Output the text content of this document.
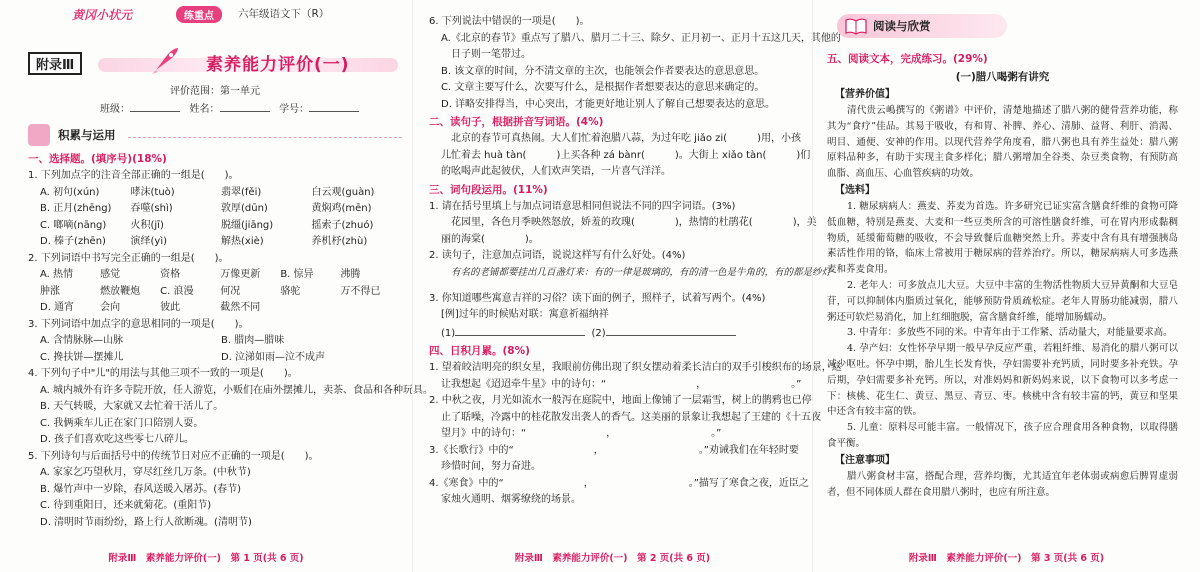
黄冈小状元	练重点	六年级语文下（R）
附录Ⅲ	素养能力评价(一)
评价范围：第一单元
班级：	姓名：	学号：
积累与运用
一、选择题。(填序号)(18%)
1. 下列加点字的注音全部正确的一组是(　　)。
A. 初句(xún)	哮沫(tuò)	翡翠(fěi)	白云观(guàn)
B. 正月(zhēng)	吞噬(shì)	敦厚(dūn)	黄焖鸡(mēn)
C. 啷嘀(nāng)	火积(jī)	脱缰(jiāng)	摇索子(zhuó)
D. 榛子(zhēn)	演绎(yì)	解热(xiè)	养机杼(zhù)
2. 下列词语中书写完全正确的一组是(　　)。
A. 热情	感觉	资格	万像更新	B. 惊异	沸腾
肿涨	燃放鞭炮	C. 浪漫	何况	骆驼	万不得已
D. 通宵	会向	彼此	截然不同
3. 下列词语中加点字的意思相同的一项是(　　)。
A. 含情脉脉—山脉	B. 腊肉—腊味
C. 搀扶饼—摆摊儿	D. 泣涕如雨—泣不成声
4. 下列句子中"儿"的用法与其他三项不一致的一项是(　　)。
A. 城内城外有许多寺院开放，任人游览，小贩们在庙外摆摊儿，卖茶、食品和各种玩具。
B. 天气转暖，大家就又去忙着干活儿了。
C. 我俩乘车儿正在家门口陪别人耍。
D. 孩子们喜欢吃这些零七八碎儿。
5. 下列诗句与后面括号中的传统节日对应不正确的一项是(　　)。
A. 家家乞巧望秋月，穿尽红丝几万条。(中秋节)
B. 爆竹声中一岁除，春风送暖入屠苏。(春节)
C. 待到重阳日，还来就菊花。(重阳节)
D. 清明时节雨纷纷，路上行人欲断魂。(清明节)
附录Ⅲ　素养能力评价(一)　第 1 页(共 6 页)
6. 下列说法中错误的一项是(　　)。
A.《北京的春节》重点写了腊八、腊月二十三、除夕、正月初一、正月十五这几天，其他的
日子则一笔带过。
B. 该文章的时间，分不清文章的主次，也能领会作者要表达的意思意思。
C. 文章主要写什么，次要写什么，是根据作者想要表达的意思来确定的。
D. 详略安排得当，中心突出，才能更好地让别人了解自己想要表达的意思。
二、读句子，根据拼音写词语。(4%)
北京的春节可真热闹。大人们忙着泡腊八蒜，为过年吃 jiǎo zi(　　　)用，小孩
儿忙着去 huà tàn(　　　)上买各种 zá bànr(　　　)。大街上 xiǎo tàn(　　　)们
的吆喝声此起彼伏，人们欢声笑语，一片喜气洋洋。
三、词句段运用。(11%)
1. 请在括号里填上与加点词语意思相同但说法不同的四字词语。(3%)
花园里，各色月季映然怒放，娇羞的玫瑰(　　　　)，热情的杜鹃花(　　　　)，美
丽的海棠(　　　　)。
2. 读句子，注意加点词语，说说这样写有什么好处。(4%)
有名的老铺都要挂出几百盏灯来：有的一律是玻璃的，有的清一色是牛角的，有的都是纱灯
3. 你知道哪些寓意吉祥的习俗？读下面的例子，照样子，试着写两个。(4%)
[例]过年的时候贴对联：寓意祈福纳祥
(1)	(2)
四、日积月累。(8%)
1. 望着皎洁明亮的织女星，我眼前仿佛出现了织女摆动着柔长洁白的双手引梭织布的场景，这
让我想起《迢迢牵牛星》中的诗句：“　　　　　　　　　，　　　　　　　　　。”
2. 中秋之夜，月光如流水一般泻在庭院中，地面上像铺了一层霜雪，树上的鹊鸦也已停
止了聒噪，冷露中的桂花散发出袭人的香气。这美丽的景象让我想起了王建的《十五夜
望月》中的诗句：“　　　　　　　　，　　　　　　　　　　。”
3.《长歌行》中的“　　　　　　　　，　　　　　　　　　　。”劝诫我们在年轻时要
珍惜时间，努力奋进。
4.《寒食》中的“　　　　　　　　，　　　　　　　　　　。”描写了寒食之夜，近臣之
家烛火通明、烟雾缭绕的场景。
附录Ⅲ　素养能力评价(一)　第 2 页(共 6 页)
阅读与欣赏
五、阅读文本，完成练习。(29%)
(一)腊八喝粥有讲究
【营养价值】
清代贵云嶋撰写的《粥谱》中评价，清楚地描述了腊八粥的健骨营养功能，称其为“食疗”佳品。其易于吸收，有和胃、补脾、养心、清肺、益肾、利肝、消渴、明目、通便、安神的作用。以现代营养学角度看，腊八粥也具有养生益处：腊八粥原料品种多，有助于实现主食多样化；腊八粥增加全谷类、杂豆类食物，有预防高血脂、高血压、心血管疾病的功效。
【选料】
1. 糖尿病病人：燕麦、荞麦为首选。许多研究已证实富含膳食纤维的食物可降低血糖，特别是燕麦、大麦和一些豆类所含的可溶性膳食纤维，可在胃内形成黏稠物质，延缓葡萄糖的吸收，不会导致餐后血糖突然上升。荞麦中含有具有增强胰岛素活性作用的铬，临床上常被用于糖尿病的营养治疗。所以，糖尿病病人可多选燕麦和荞麦食用。
2. 老年人：可多放点儿大豆。大豆中丰富的生物活性物质大豆异黄酮和大豆皂苷，可以抑制体内脂质过氧化，能够预防骨质疏松症。老年人胃肠功能减弱，腊八粥还可软烂易消化，加上红细胞脱，富含膳食纤维，能增加肠蠕动。
3. 中青年：多放些不同的米。中青年由于工作紧、活动量大，对能量要求高。
4. 孕产妇：女性怀孕早期一般早孕反应严重，若粗纤维、易消化的腊八粥可以减少呕吐。怀孕中期，胎儿生长发育快，孕妇需要补充钙质，同时要多补充铁。孕后期，孕妇需要多补充钙。所以，对准妈妈和新妈妈来说，以下食物可以多考虑一下：核桃、花生仁、黄豆、黑豆、青豆、枣。核桃中含有较丰富的钙，黄豆和坚果中还含有较丰富的铁。
5. 儿童：原料尽可能丰富。一般情况下，孩子应合理食用各种食物，以取得膳食平衡。
【注意事项】
腊八粥食材丰富，搭配合理，营养均衡，尤其适宜年老体弱或病愈后脾胃虚弱者，但不同体质人群在食用腊八粥时，也应有所注意。
附录Ⅲ　素养能力评价(一)　第 3 页(共 6 页)
